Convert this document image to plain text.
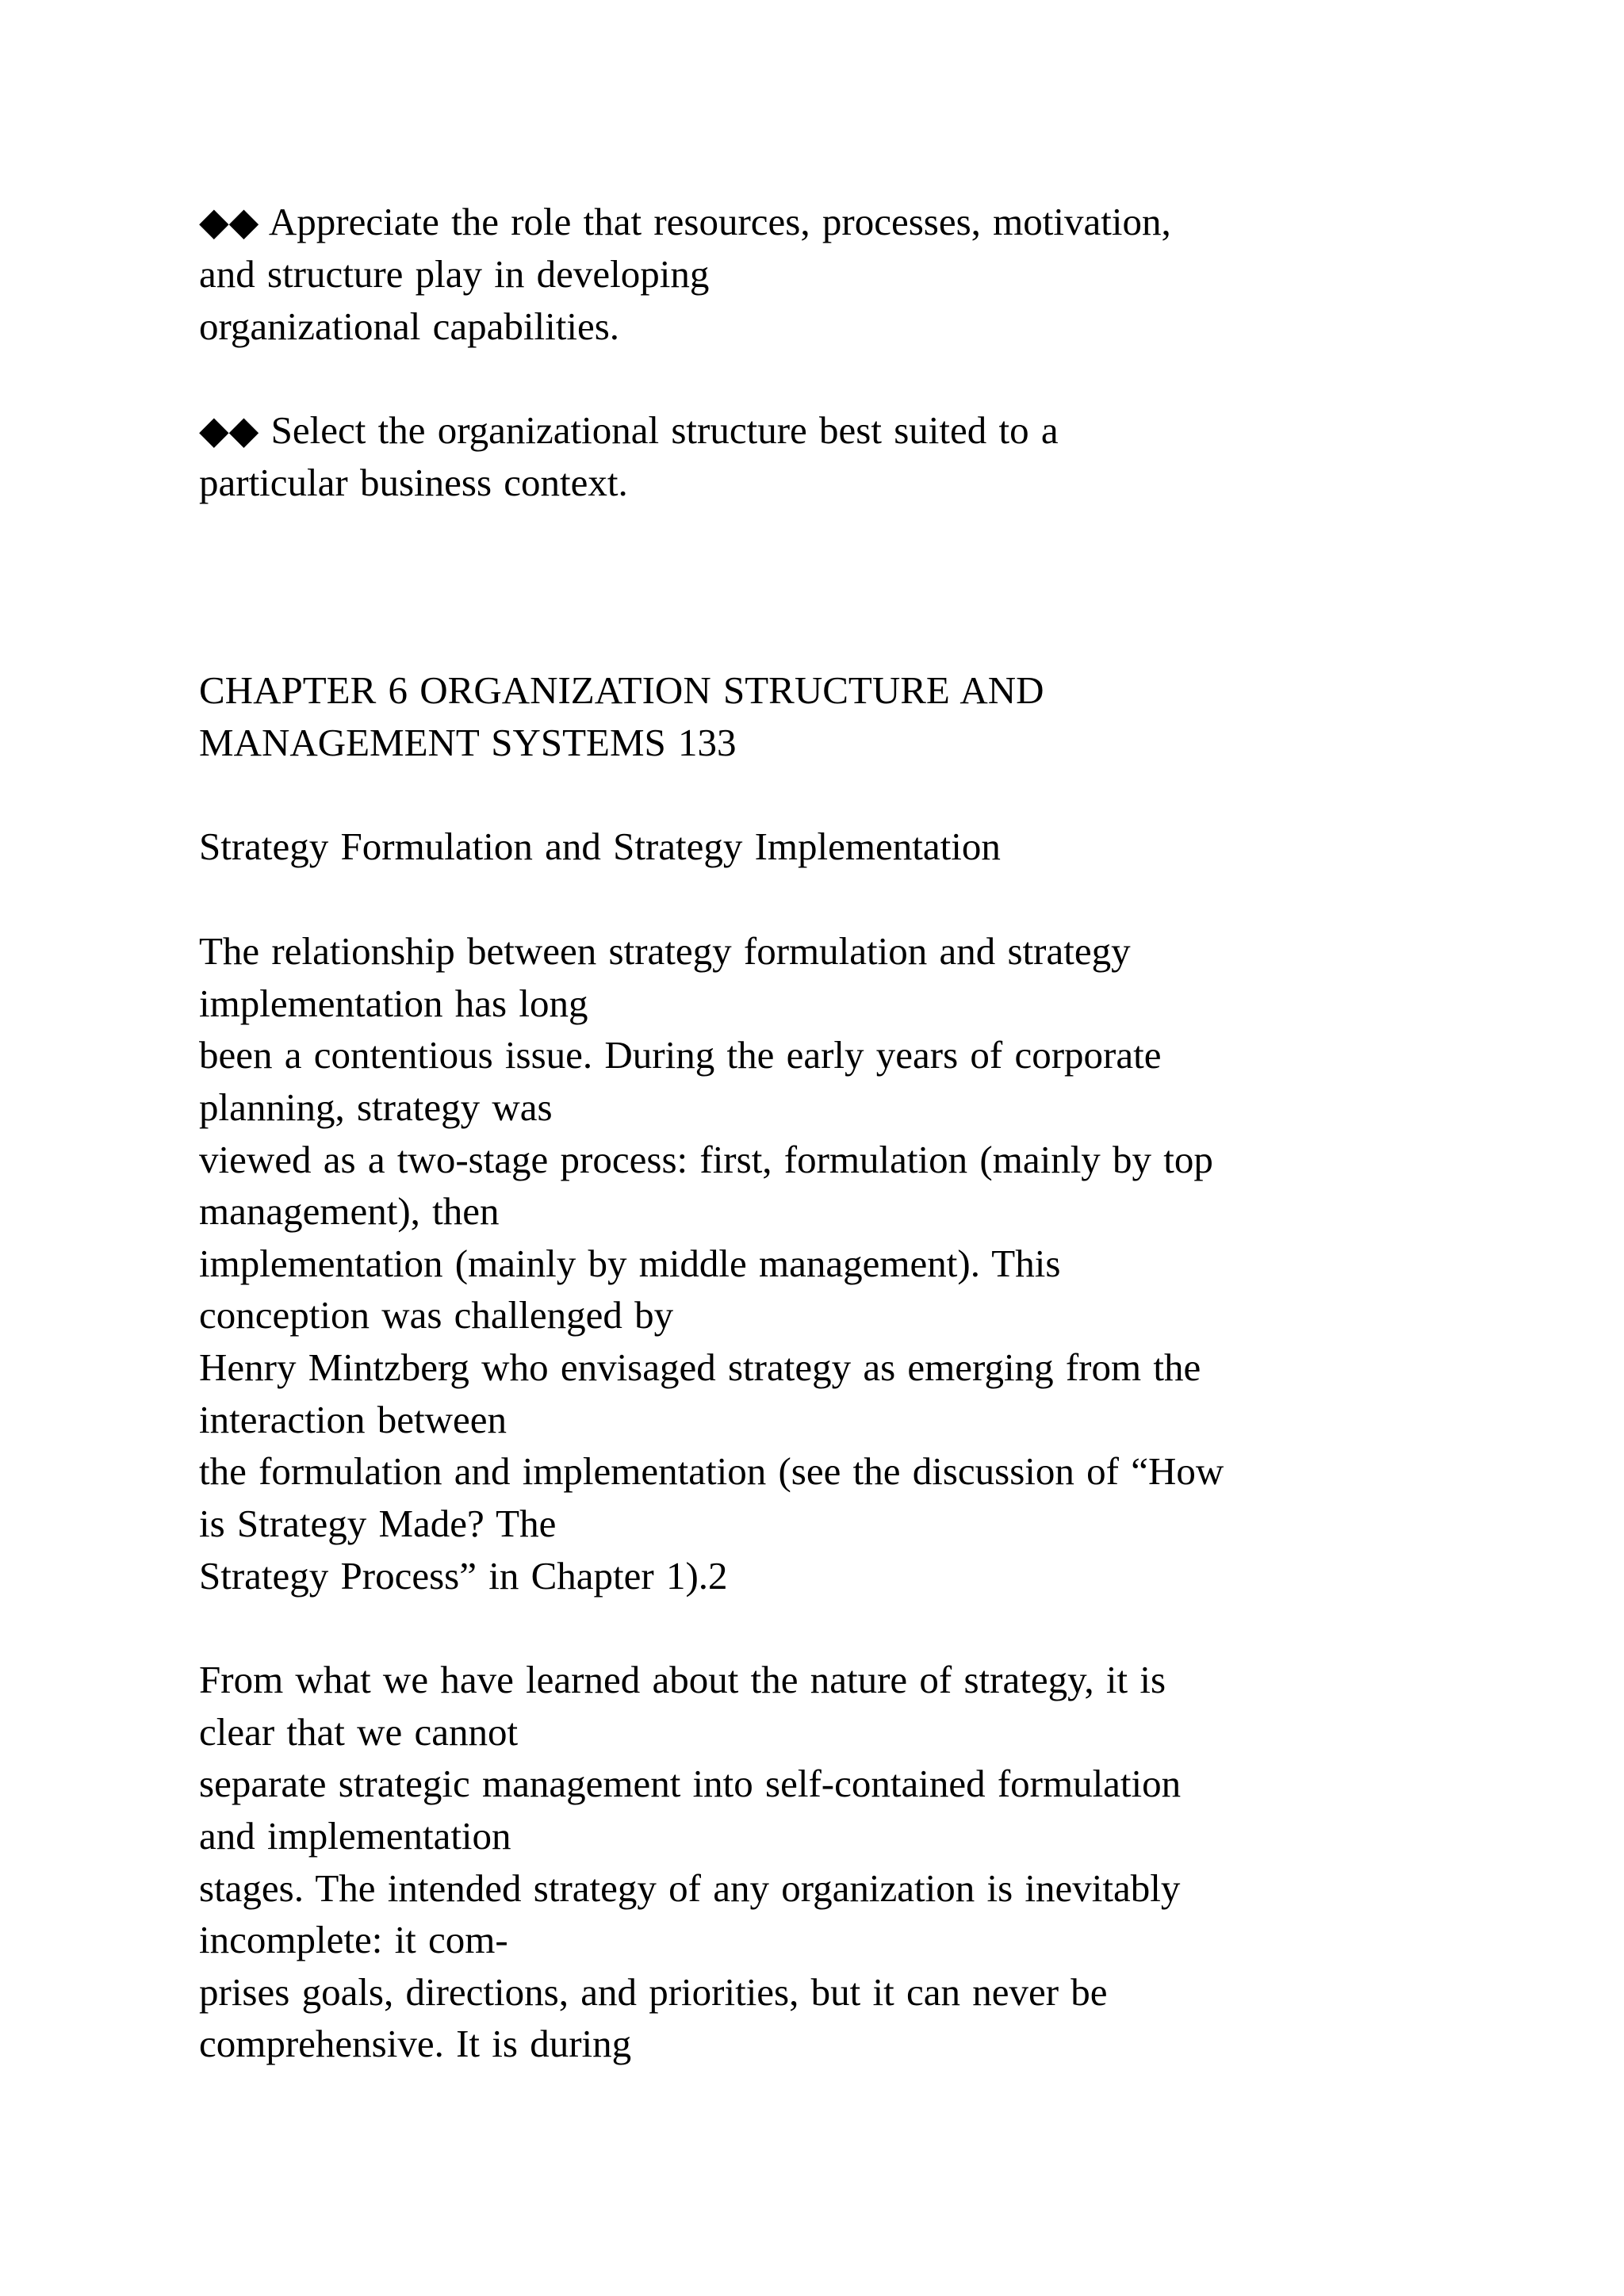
◆◆ Appreciate the role that resources, processes, motivation,
and structure play in developing
organizational capabilities.
◆◆ Select the organizational structure best suited to a
particular business context.
CHAPTER 6 ORGANIZATION STRUCTURE AND
MANAGEMENT SYSTEMS 133
Strategy Formulation and Strategy Implementation
The relationship between strategy formulation and strategy
implementation has long
been a contentious issue. During the early years of corporate
planning, strategy was
viewed as a two-stage process: first, formulation (mainly by top
management), then
implementation (mainly by middle management). This
conception was challenged by
Henry Mintzberg who envisaged strategy as emerging from the
interaction between
the formulation and implementation (see the discussion of “How
is Strategy Made? The
Strategy Process” in Chapter 1).2
From what we have learned about the nature of strategy, it is
clear that we cannot
separate strategic management into self-contained formulation
and implementation
stages. The intended strategy of any organization is inevitably
incomplete: it com-
prises goals, directions, and priorities, but it can never be
comprehensive. It is during
